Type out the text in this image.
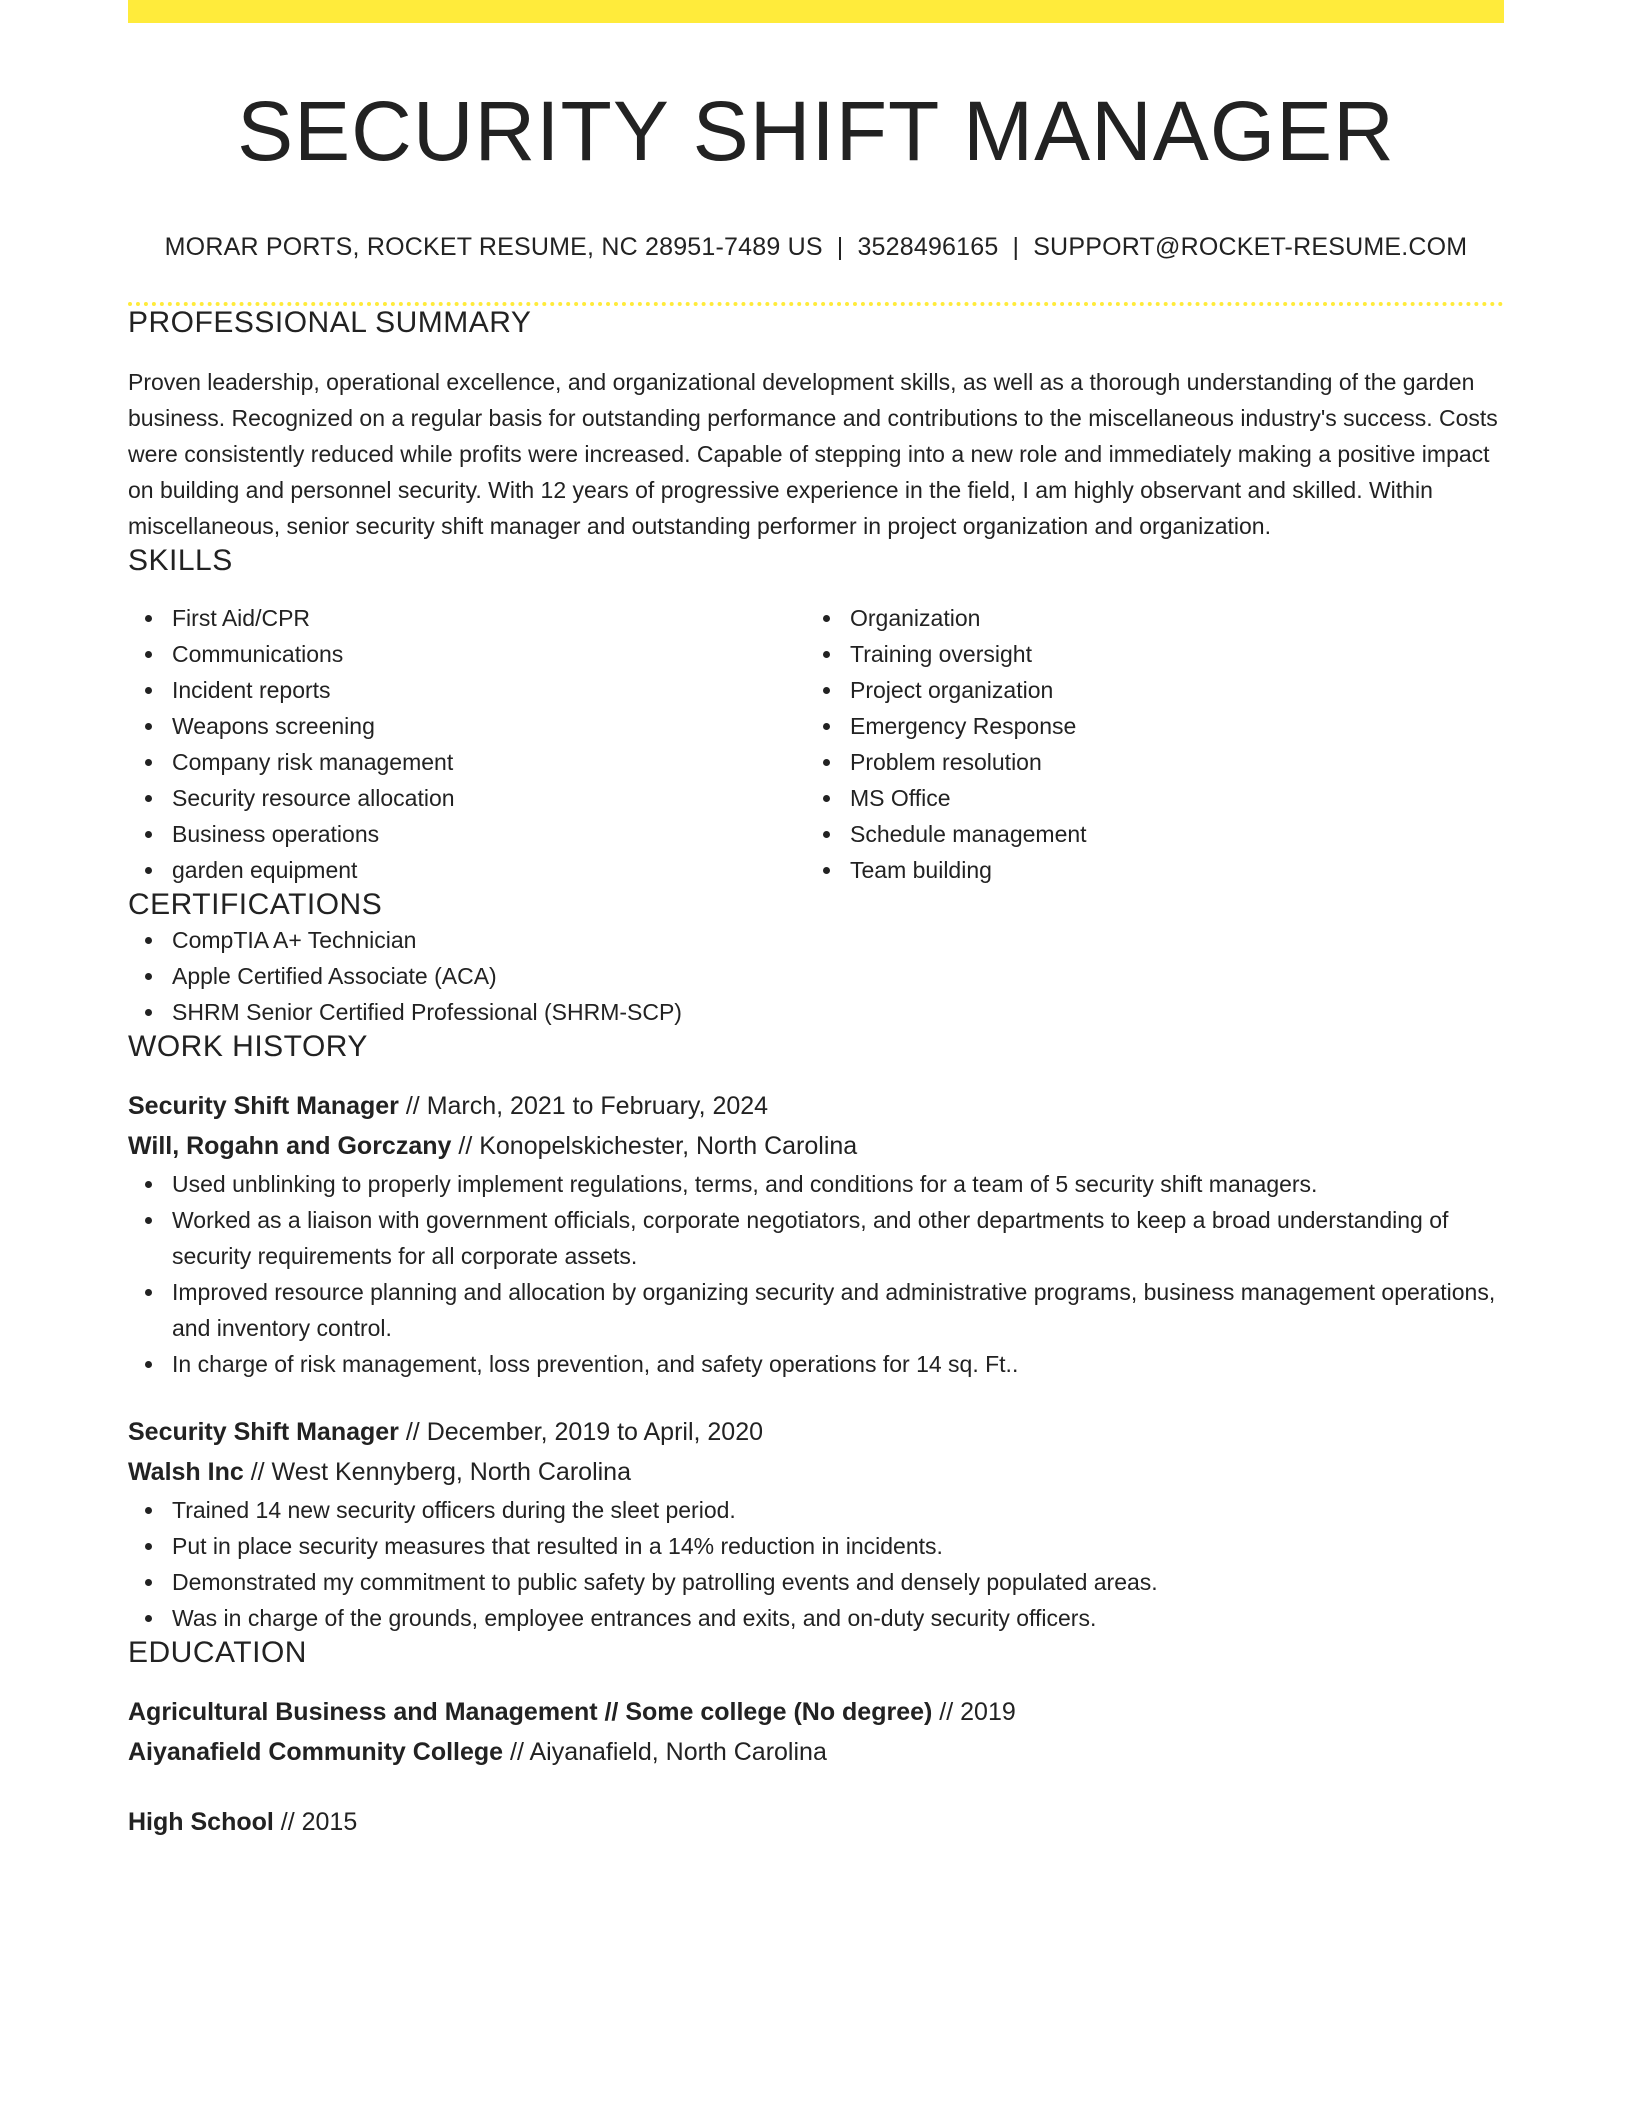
SECURITY SHIFT MANAGER
MORAR PORTS, ROCKET RESUME, NC 28951-7489 US | 3528496165 | SUPPORT@ROCKET-RESUME.COM
PROFESSIONAL SUMMARY
Proven leadership, operational excellence, and organizational development skills, as well as a thorough understanding of the garden business. Recognized on a regular basis for outstanding performance and contributions to the miscellaneous industry's success. Costs were consistently reduced while profits were increased. Capable of stepping into a new role and immediately making a positive impact on building and personnel security. With 12 years of progressive experience in the field, I am highly observant and skilled. Within miscellaneous, senior security shift manager and outstanding performer in project organization and organization.
SKILLS
First Aid/CPR
Communications
Incident reports
Weapons screening
Company risk management
Security resource allocation
Business operations
garden equipment
Organization
Training oversight
Project organization
Emergency Response
Problem resolution
MS Office
Schedule management
Team building
CERTIFICATIONS
CompTIA A+ Technician
Apple Certified Associate (ACA)
SHRM Senior Certified Professional (SHRM-SCP)
WORK HISTORY
Security Shift Manager // March, 2021 to February, 2024
Will, Rogahn and Gorczany // Konopelskichester, North Carolina
Used unblinking to properly implement regulations, terms, and conditions for a team of 5 security shift managers.
Worked as a liaison with government officials, corporate negotiators, and other departments to keep a broad understanding of security requirements for all corporate assets.
Improved resource planning and allocation by organizing security and administrative programs, business management operations, and inventory control.
In charge of risk management, loss prevention, and safety operations for 14 sq. Ft..
Security Shift Manager // December, 2019 to April, 2020
Walsh Inc // West Kennyberg, North Carolina
Trained 14 new security officers during the sleet period.
Put in place security measures that resulted in a 14% reduction in incidents.
Demonstrated my commitment to public safety by patrolling events and densely populated areas.
Was in charge of the grounds, employee entrances and exits, and on-duty security officers.
EDUCATION
Agricultural Business and Management // Some college (No degree) // 2019
Aiyanafield Community College // Aiyanafield, North Carolina
High School // 2015
